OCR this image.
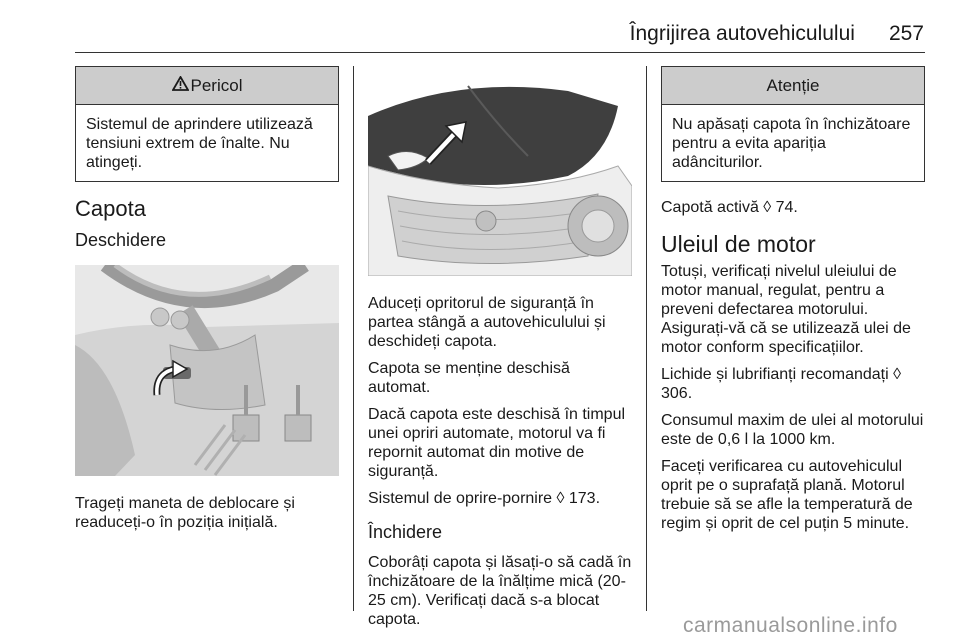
Îngrijirea autovehiculului 257
Pericol
Sistemul de aprindere utilizează tensiuni extrem de înalte. Nu atingeți.
Capota
Deschidere

Trageți maneta de deblocare și readuceți-o în poziția inițială.

Aduceți opritorul de siguranță în partea stângă a autovehiculului și deschideți capota.

Capota se menține deschisă automat.

Dacă capota este deschisă în timpul unei opriri automate, motorul va fi repornit automat din motive de siguranță.

Sistemul de oprire-pornire ◊ 173.

Închidere

Coborâți capota și lăsați-o să cadă în închizătoare de la înălțime mică (20-25 cm). Verificați dacă s-a blocat capota.

Atenție
Nu apăsați capota în închizătoare pentru a evita apariția adânciturilor.

Capotă activă ◊ 74.

Uleiul de motor

Totuși, verificați nivelul uleiului de motor manual, regulat, pentru a preveni defectarea motorului. Asigurați-vă că se utilizează ulei de motor conform specificațiilor.

Lichide și lubrifianți recomandați ◊ 306.

Consumul maxim de ulei al motorului este de 0,6 l la 1000 km.

Faceți verificarea cu autovehiculul oprit pe o suprafață plană. Motorul trebuie să se afle la temperatură de regim și oprit de cel puțin 5 minute.

carmanualsonline.info
